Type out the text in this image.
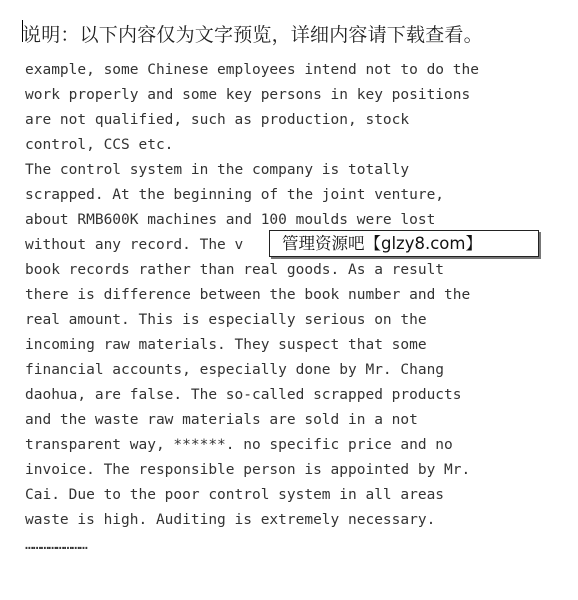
说明：以下内容仅为文字预览，详细内容请下载查看。

example, some Chinese employees intend not to do the
work properly and some key persons in key positions
are not qualified, such as production, stock
control, CCS etc.
The control system in the company is totally
scrapped. At the beginning of the joint venture,
about RMB600K machines and 100 moulds were lost
without any record. The v
book records rather than real goods. As a result
there is difference between the book number and the
real amount. This is especially serious on the
incoming raw materials. They suspect that some
financial accounts, especially done by Mr. Chang
daohua, are false. The so-called scrapped products
and the waste raw materials are sold in a not
transparent way, ******. no specific price and no
invoice. The responsible person is appointed by Mr.
Cai. Due to the poor control system in all areas
waste is high. Auditing is extremely necessary.
……………………
管理资源吧【glzy8.com】
